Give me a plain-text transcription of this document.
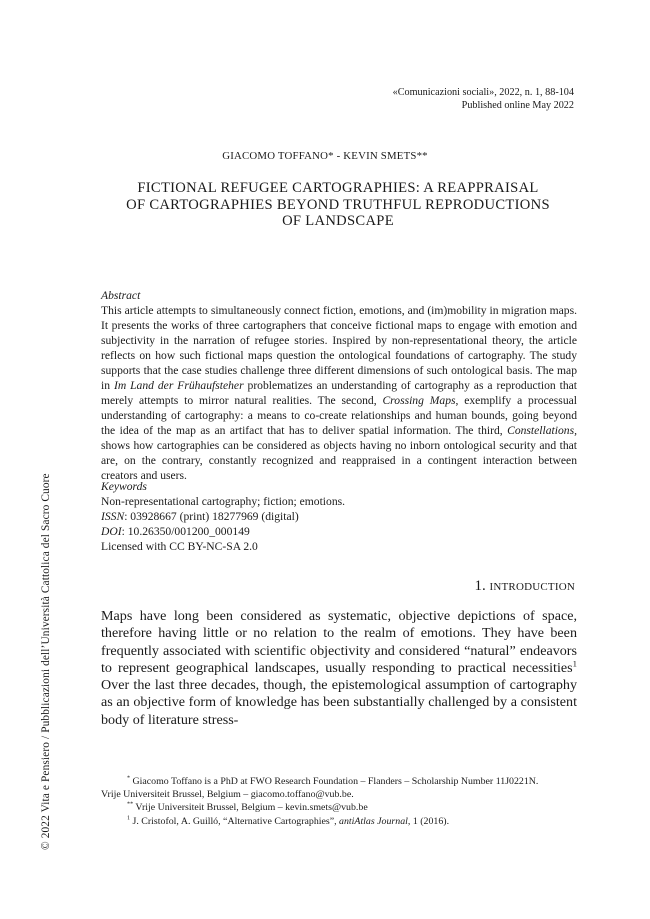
«Comunicazioni sociali», 2022, n. 1, 88-104
Published online May 2022
GIACOMO TOFFANO* - KEVIN SMETS**
FICTIONAL REFUGEE CARTOGRAPHIES: A REAPPRAISAL
OF CARTOGRAPHIES BEYOND TRUTHFUL REPRODUCTIONS
OF LANDSCAPE
Abstract
This article attempts to simultaneously connect fiction, emotions, and (im)mobility in migration maps. It presents the works of three cartographers that conceive fictional maps to engage with emotion and subjectivity in the narration of refugee stories. Inspired by non-representational theory, the article reflects on how such fictional maps question the ontological foundations of cartography. The study supports that the case studies challenge three different dimensions of such ontological basis. The map in Im Land der Frühaufsteher problematizes an understanding of cartography as a reproduction that merely attempts to mirror natural realities. The second, Crossing Maps, exemplify a processual understanding of cartography: a means to co-create relationships and human bounds, going beyond the idea of the map as an artifact that has to deliver spatial information. The third, Constellations, shows how cartographies can be considered as objects having no inborn ontological security and that are, on the contrary, constantly recognized and reappraised in a contingent interaction between creators and users.
Keywords
Non-representational cartography; fiction; emotions.
ISSN: 03928667 (print) 18277969 (digital)
DOI: 10.26350/001200_000149
Licensed with CC BY-NC-SA 2.0
1. INTRODUCTION
Maps have long been considered as systematic, objective depictions of space, therefore having little or no relation to the realm of emotions. They have been frequently associated with scientific objectivity and considered “natural” endeavors to represent geographical landscapes, usually responding to practical necessities$^1$ Over the last three decades, though, the epistemological assumption of cartography as an objective form of knowledge has been substantially challenged by a consistent body of literature stress-
* Giacomo Toffano is a PhD at FWO Research Foundation – Flanders – Scholarship Number 11J0221N.
Vrije Universiteit Brussel, Belgium – giacomo.toffano@vub.be.
** Vrije Universiteit Brussel, Belgium – kevin.smets@vub.be
$^1$ J. Cristofol, A. Guilló, “Alternative Cartographies”, antiAtlas Journal, 1 (2016).
© 2022 Vita e Pensiero / Pubblicazioni dell’Università Cattolica del Sacro Cuore
